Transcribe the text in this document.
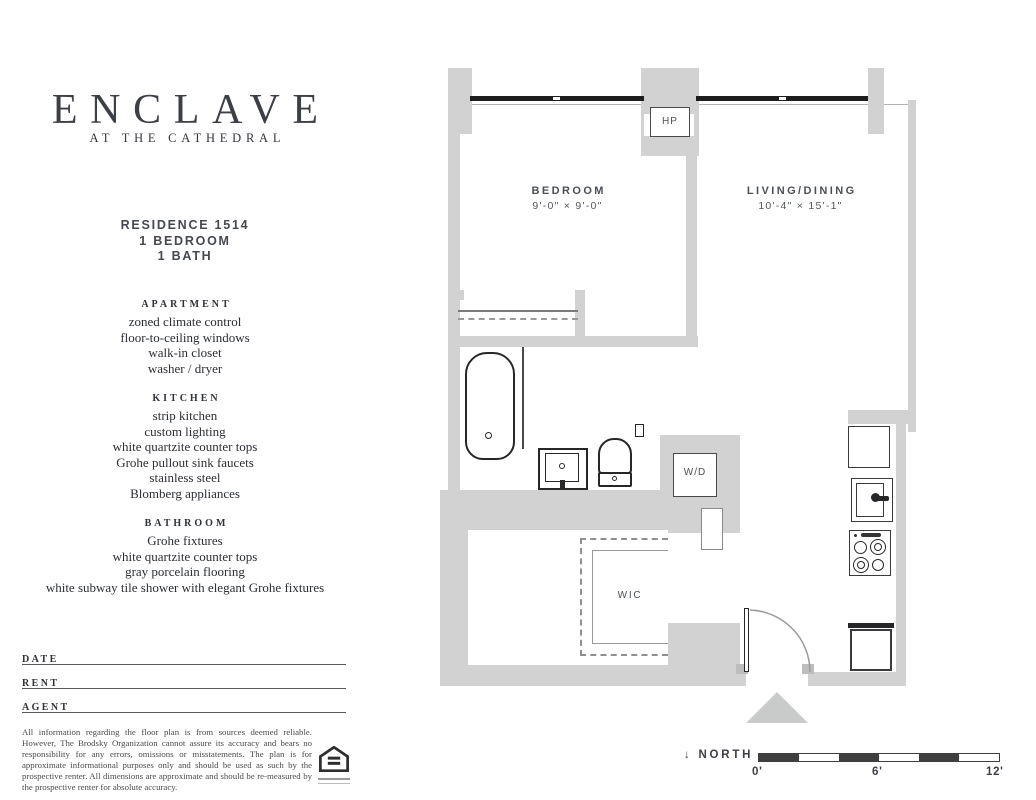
ENCLAVE
AT THE CATHEDRAL
RESIDENCE 1514
1 BEDROOM
1 BATH
APARTMENT
zoned climate control
floor-to-ceiling windows
walk-in closet
washer / dryer
KITCHEN
strip kitchen
custom lighting
white quartzite counter tops
Grohe pullout sink faucets
stainless steel
Blomberg appliances
BATHROOM
Grohe fixtures
white quartzite counter tops
gray porcelain flooring
white subway tile shower with elegant Grohe fixtures
DATE
RENT
AGENT
All information regarding the floor plan is from sources deemed reliable. However, The Brodsky Organization cannot assure its accuracy and bears no responsibility for any errors, omissions or misstatements. The plan is for approximate informational purposes only and should be used as such by the prospective renter. All dimensions are approximate and should be re-measured by the prospective renter for absolute accuracy.
HP
W/D
WIC
BEDROOM
9'-0" × 9'-0"
LIVING/DINING
10'-4" × 15'-1"
↓ NORTH
0'	6'	12'
